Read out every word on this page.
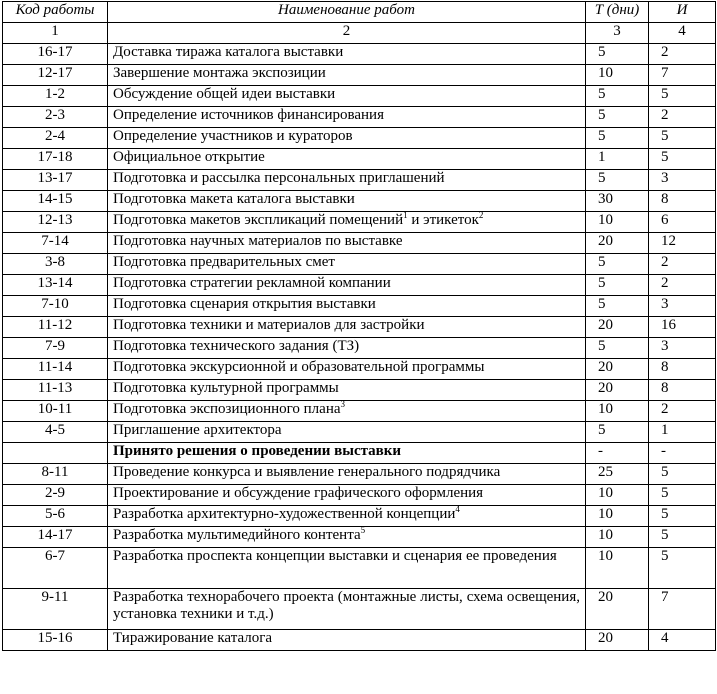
Код работы	Наименование работ	Т (дни)	И
1	2	3	4
16-17	Доставка тиража каталога выставки	5	2
12-17	Завершение монтажа экспозиции	10	7
1-2	Обсуждение общей идеи выставки	5	5
2-3	Определение источников финансирования	5	2
2-4	Определение участников и кураторов	5	5
17-18	Официальное открытие	1	5
13-17	Подготовка и рассылка персональных приглашений	5	3
14-15	Подготовка макета каталога выставки	30	8
12-13	Подготовка макетов экспликаций помещений$^1$ и этикеток$^2$	10	6
7-14	Подготовка научных материалов по выставке	20	12
3-8	Подготовка предварительных смет	5	2
13-14	Подготовка стратегии рекламной компании	5	2
7-10	Подготовка сценария открытия выставки	5	3
11-12	Подготовка техники и материалов для застройки	20	16
7-9	Подготовка технического задания (ТЗ)	5	3
11-14	Подготовка экскурсионной и образовательной программы	20	8
11-13	Подготовка культурной программы	20	8
10-11	Подготовка экспозиционного плана$^3$	10	2
4-5	Приглашение архитектора	5	1
	Принято решения о проведении выставки	-	-
8-11	Проведение конкурса и выявление генерального подрядчика	25	5
2-9	Проектирование и обсуждение графического оформления	10	5
5-6	Разработка архитектурно-художественной концепции$^4$	10	5
14-17	Разработка мультимедийного контента$^5$	10	5
6-7	Разработка проспекта концепции выставки и сценария ее проведения	10	5
9-11	Разработка технорабочего проекта (монтажные листы, схема освещения, установка техники и т.д.)	20	7
15-16	Тиражирование каталога	20	4
